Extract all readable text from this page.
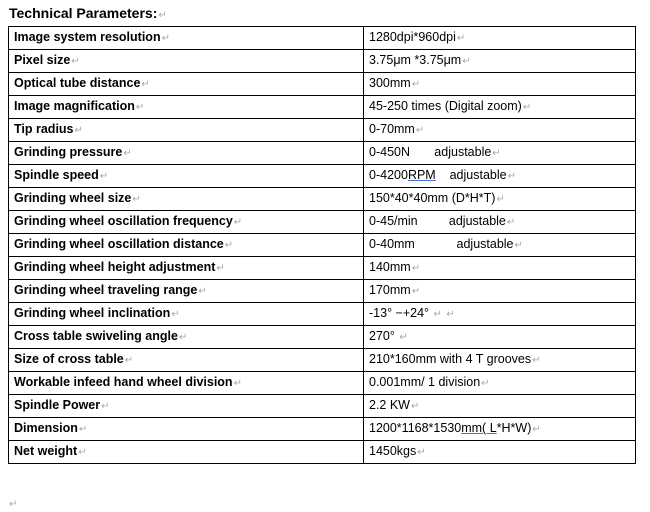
Technical Parameters:↵
Image system resolution↵	1280dpi*960dpi↵
Pixel size↵	3.75μm *3.75μm↵
Optical tube distance↵	300mm↵
Image magnification↵	45-250 times (Digital zoom)↵
Tip radius↵	0-70mm↵
Grinding pressure↵	0-450N       adjustable↵
Spindle speed↵	0-4200RPM    adjustable↵
Grinding wheel size↵	150*40*40mm (D*H*T)↵
Grinding wheel oscillation frequency↵	0-45/min         adjustable↵
Grinding wheel oscillation distance↵	0-40mm            adjustable↵
Grinding wheel height adjustment↵	140mm↵
Grinding wheel traveling range↵	170mm↵
Grinding wheel inclination↵	-13° −+24° ↵ ↵
Cross table swiveling angle↵	270° ↵
Size of cross table↵	210*160mm with 4 T grooves↵
Workable infeed hand wheel division↵	0.001mm/ 1 division↵
Spindle Power↵	2.2 KW↵
Dimension↵	1200*1168*1530mm( L*H*W)↵
Net weight↵	1450kgs↵
↵
